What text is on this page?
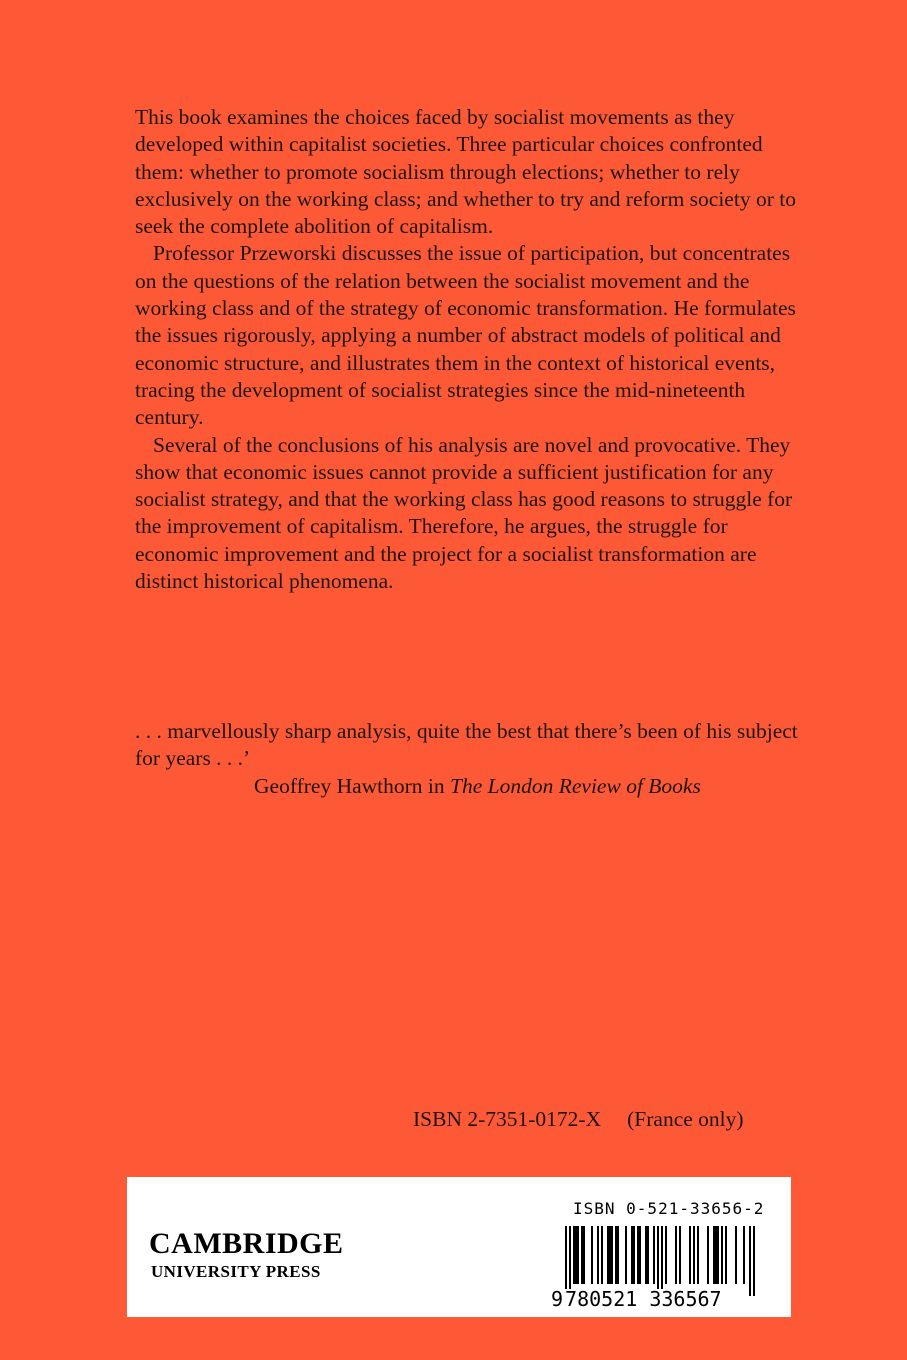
This book examines the choices faced by socialist movements as they developed within capitalist societies. Three particular choices confronted them: whether to promote socialism through elections; whether to rely exclusively on the working class; and whether to try and reform society or to seek the complete abolition of capitalism.

Professor Przeworski discusses the issue of participation, but concentrates on the questions of the relation between the socialist movement and the working class and of the strategy of economic transformation. He formulates the issues rigorously, applying a number of abstract models of political and economic structure, and illustrates them in the context of historical events, tracing the development of socialist strategies since the mid-nineteenth century.

Several of the conclusions of his analysis are novel and provocative. They show that economic issues cannot provide a sufficient justification for any socialist strategy, and that the working class has good reasons to struggle for the improvement of capitalism. Therefore, he argues, the struggle for economic improvement and the project for a socialist transformation are distinct historical phenomena.

. . . marvellously sharp analysis, quite the best that there’s been of his subject for years . . .’

Geoffrey Hawthorn in The London Review of Books

ISBN 2-7351-0172-X (France only)
CAMBRIDGE
UNIVERSITY PRESS
ISBN 0-521-33656-2
9 780521 336567
